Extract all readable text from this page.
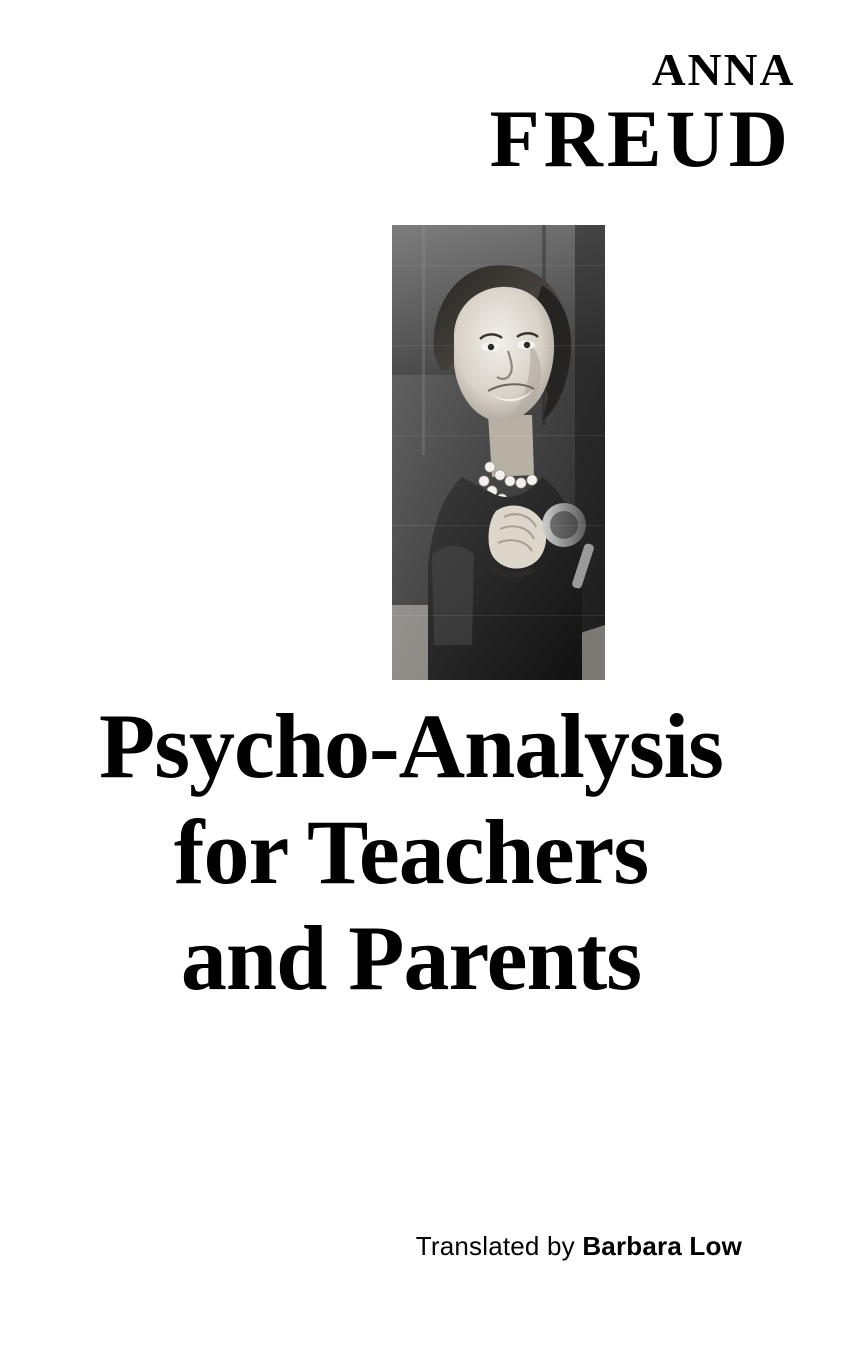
ANNA
FREUD
Psycho-Analysis
for Teachers
and Parents
Translated by Barbara Low
